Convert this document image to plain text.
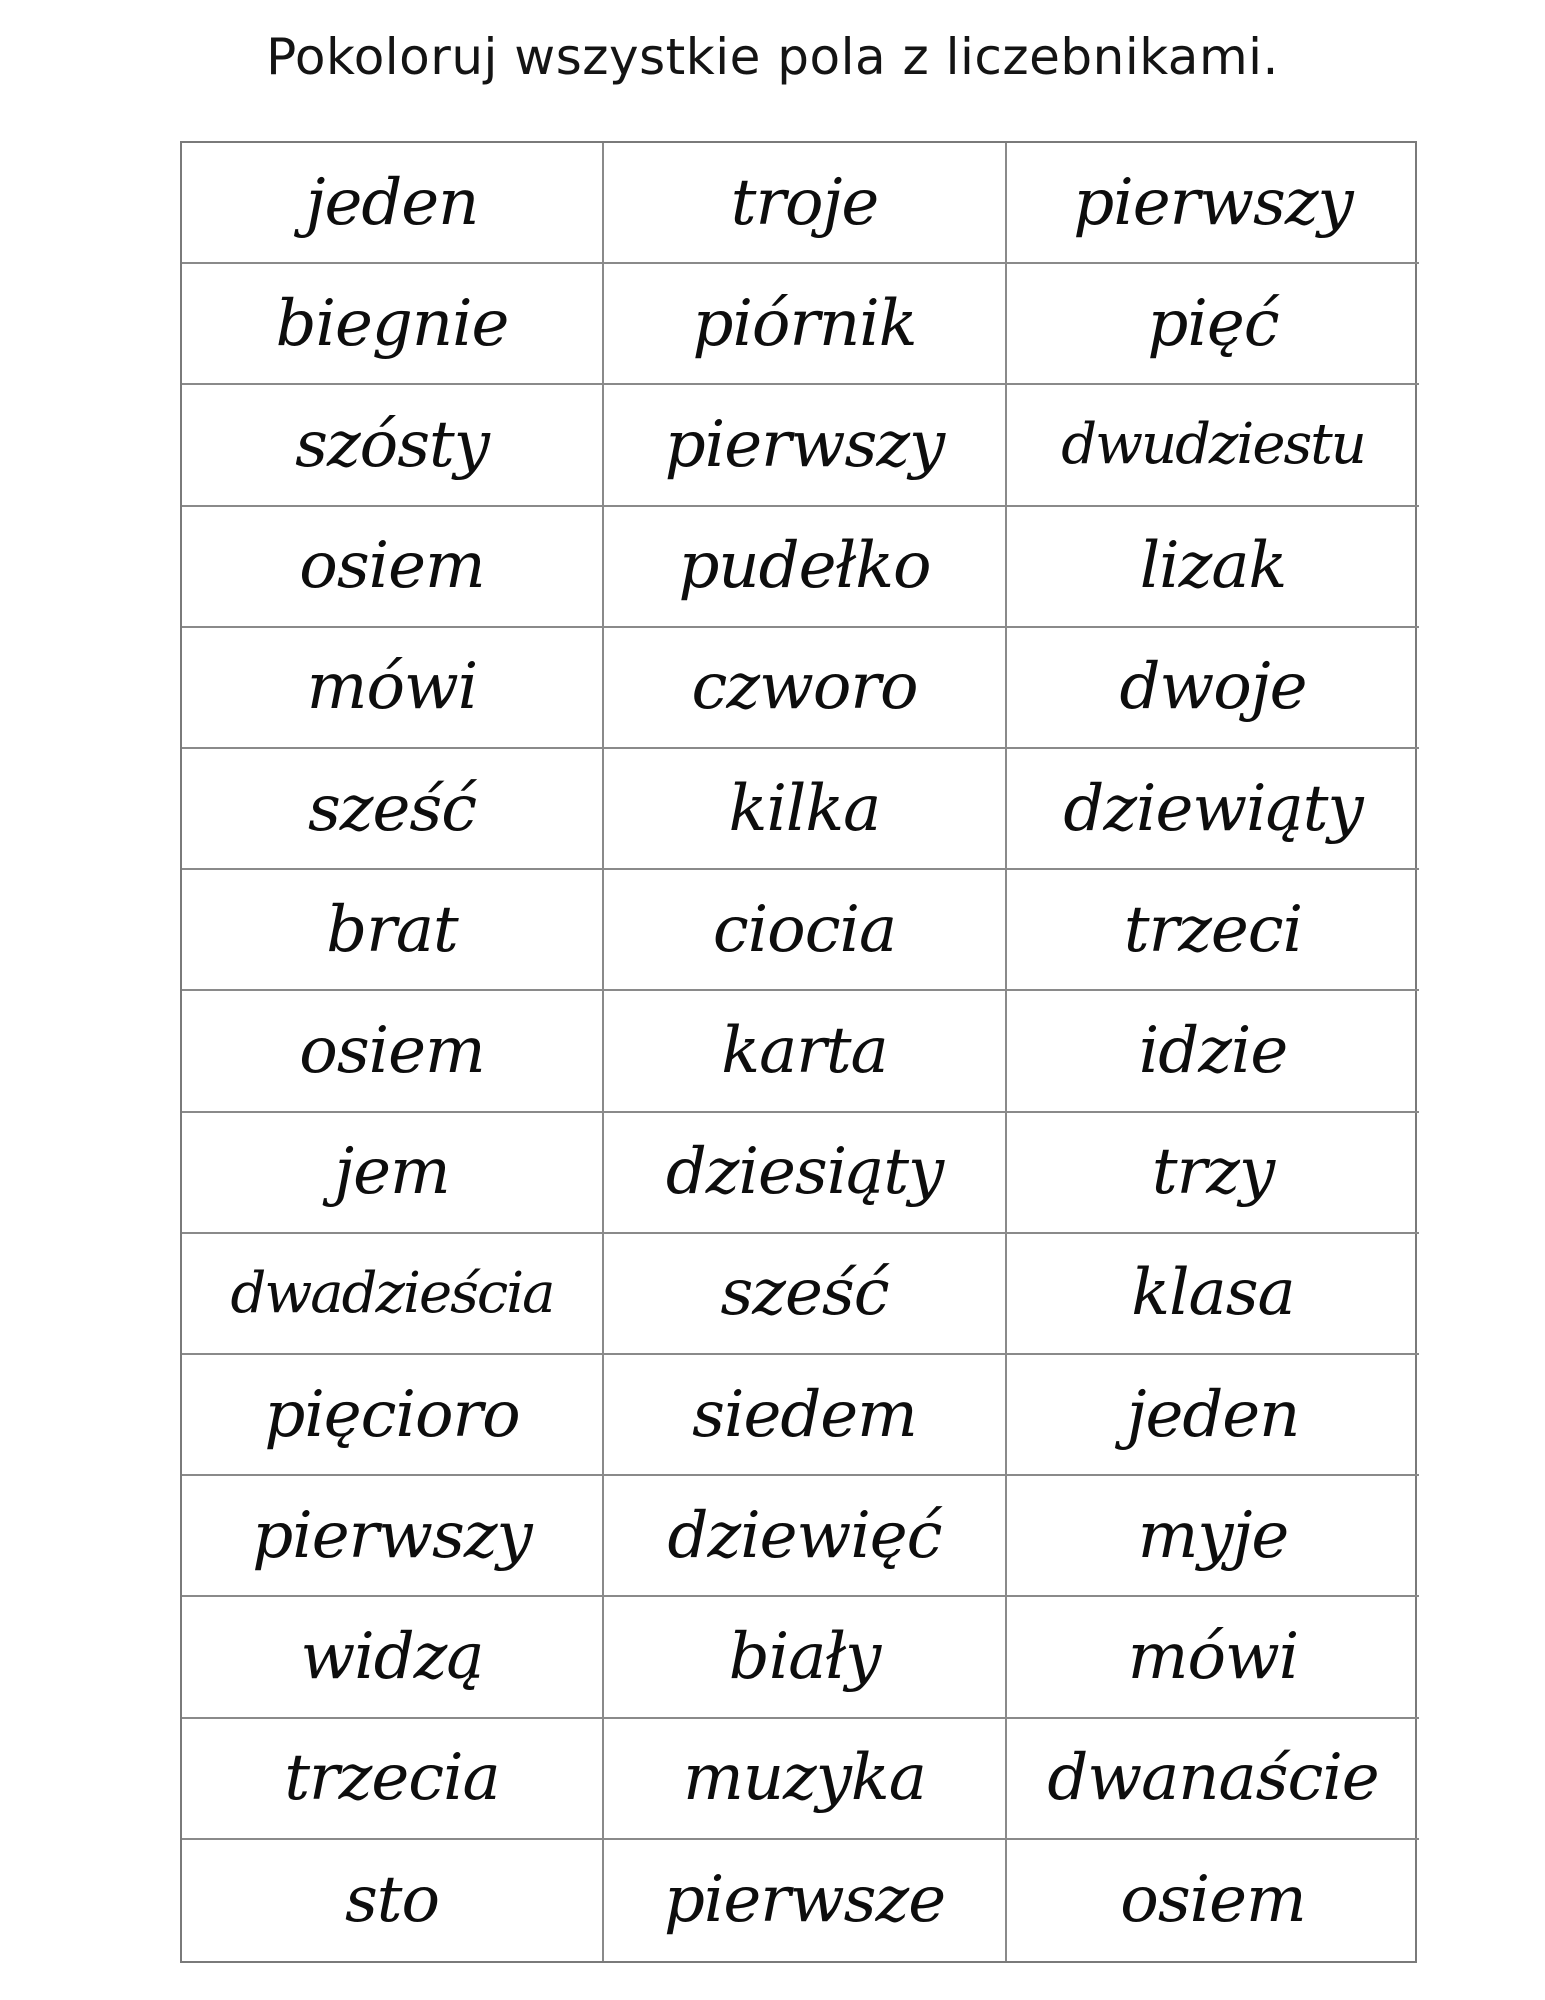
Pokoloruj wszystkie pola z liczebnikami.
jeden	troje	pierwszy
biegnie	piórnik	pięć
szósty	pierwszy	dwudziestu
osiem	pudełko	lizak
mówi	czworo	dwoje
sześć	kilka	dziewiąty
brat	ciocia	trzeci
osiem	karta	idzie
jem	dziesiąty	trzy
dwadzieścia	sześć	klasa
pięcioro	siedem	jeden
pierwszy	dziewięć	myje
widzą	biały	mówi
trzecia	muzyka	dwanaście
sto	pierwsze	osiem
